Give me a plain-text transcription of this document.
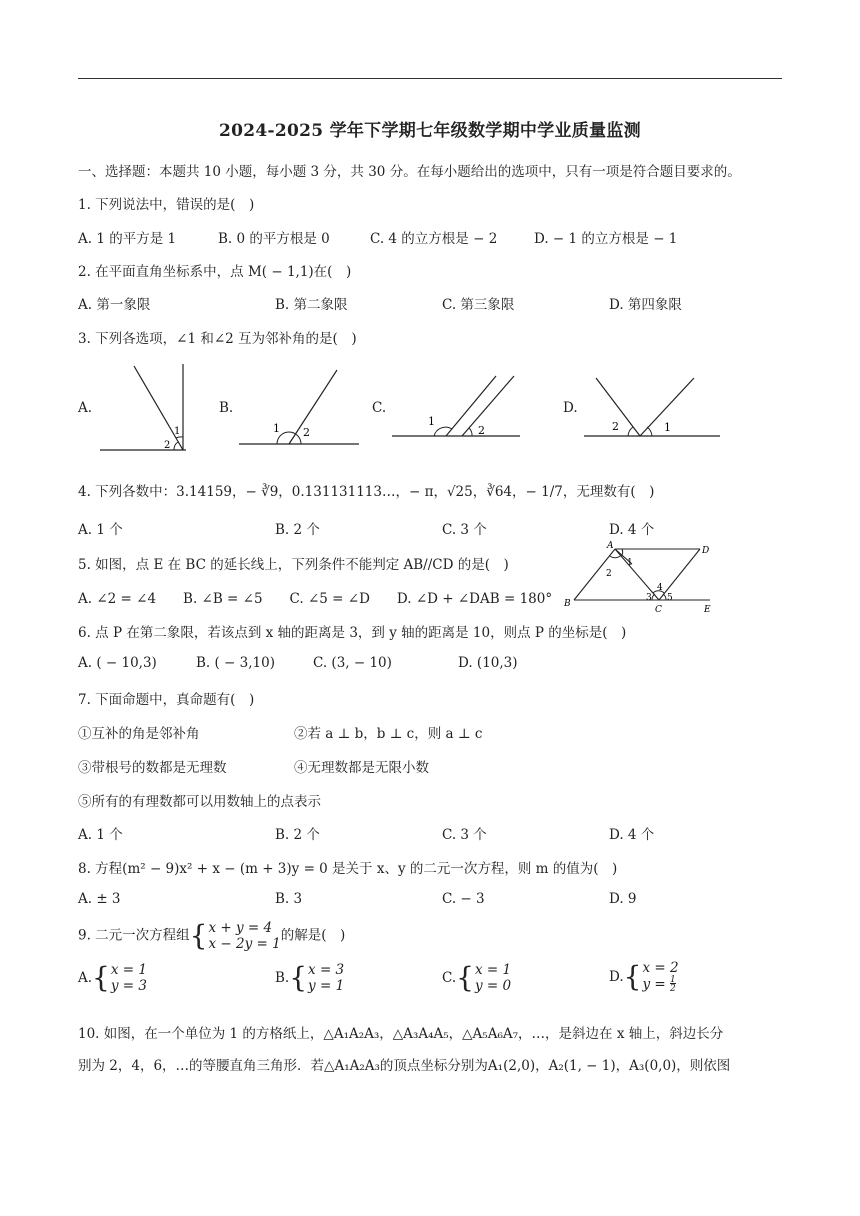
2024-2025 学年下学期七年级数学期中学业质量监测
一、选择题：本题共 10 小题，每小题 3 分，共 30 分。在每小题给出的选项中，只有一项是符合题目要求的。
1. 下列说法中，错误的是(　)
A. 1 的平方是 1	B. 0 的平方根是 0	C. 4 的立方根是 − 2	D. − 1 的立方根是 − 1
2. 在平面直角坐标系中，点 M( − 1,1)在(　)
A. 第一象限	B. 第二象限	C. 第三象限	D. 第四象限
3. 下列各选项，∠1 和∠2 互为邻补角的是(　)
A.	B.	C.	D.
1
2
1 2
1
2	2	1
4. 下列各数中：3.14159，− ∛9，0.131131113…，− π，√25，∛64，− 1/7，无理数有(　)
A. 1 个	B. 2 个	C. 3 个	D. 4 个
5. 如图，点 E 在 BC 的延长线上，下列条件不能判定 AB//CD 的是(　)
A. ∠2 = ∠4　　B. ∠B = ∠5　　C. ∠5 = ∠D　　D. ∠D + ∠DAB = 180°
A	D
B
C	E
1
2
3
4
5
6. 点 P 在第二象限，若该点到 x 轴的距离是 3，到 y 轴的距离是 10，则点 P 的坐标是(　)
A. ( − 10,3)	B. ( − 3,10)	C. (3, − 10)	D. (10,3)
7. 下面命题中，真命题有(　)
①互补的角是邻补角	②若 a ⊥ b，b ⊥ c，则 a ⊥ c
③带根号的数都是无理数	④无理数都是无限小数
⑤所有的有理数都可以用数轴上的点表示
A. 1 个	B. 2 个	C. 3 个	D. 4 个
8. 方程(m² − 9)x² + x − (m + 3)y = 0 是关于 x、y 的二元一次方程，则 m 的值为(　)
A. ± 3	B. 3	C. − 3	D. 9
9. 二元一次方程组{x + y = 4
x − 2y = 1的解是(　)
A.{x = 1
y = 3	B.{x = 3
y = 1	C.{x = 1
y = 0
D.{x = 2
$y = \frac{1}{2}$
10. 如图，在一个单位为 1 的方格纸上，△A₁A₂A₃，△A₃A₄A₅，△A₅A₆A₇，…，是斜边在 x 轴上，斜边长分
别为 2，4，6，…的等腰直角三角形．若△A₁A₂A₃的顶点坐标分别为A₁(2,0)，A₂(1, − 1)，A₃(0,0)，则依图
